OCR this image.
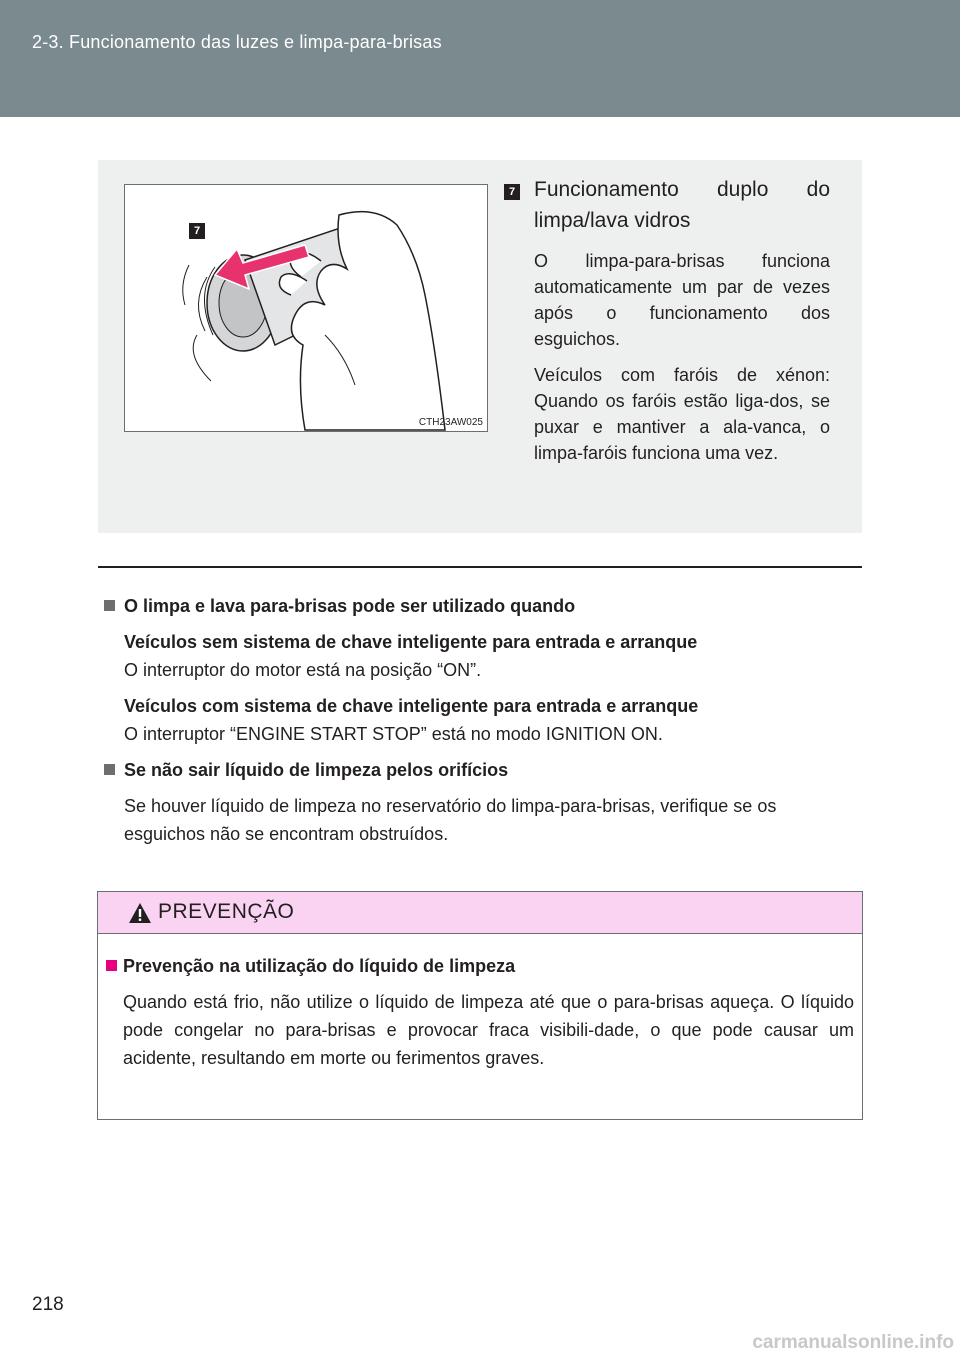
2-3. Funcionamento das luzes e limpa-para-brisas
7
CTH23AW025
7 Funcionamento duplo do limpa/lava vidros
O limpa-para-brisas funciona automaticamente um par de vezes após o funcionamento dos esguichos.
Veículos com faróis de xénon: Quando os faróis estão liga-dos, se puxar e mantiver a ala-vanca, o limpa-faróis funciona uma vez.
O limpa e lava para-brisas pode ser utilizado quando
Veículos sem sistema de chave inteligente para entrada e arranque
O interruptor do motor está na posição “ON”.
Veículos com sistema de chave inteligente para entrada e arranque
O interruptor “ENGINE START STOP” está no modo IGNITION ON.
Se não sair líquido de limpeza pelos orifícios
Se houver líquido de limpeza no reservatório do limpa-para-brisas, verifique se os esguichos não se encontram obstruídos.
PREVENÇÃO
Prevenção na utilização do líquido de limpeza
Quando está frio, não utilize o líquido de limpeza até que o para-brisas aqueça. O líquido pode congelar no para-brisas e provocar fraca visibili-dade, o que pode causar um acidente, resultando em morte ou ferimentos graves.
218
carmanualsonline.info
